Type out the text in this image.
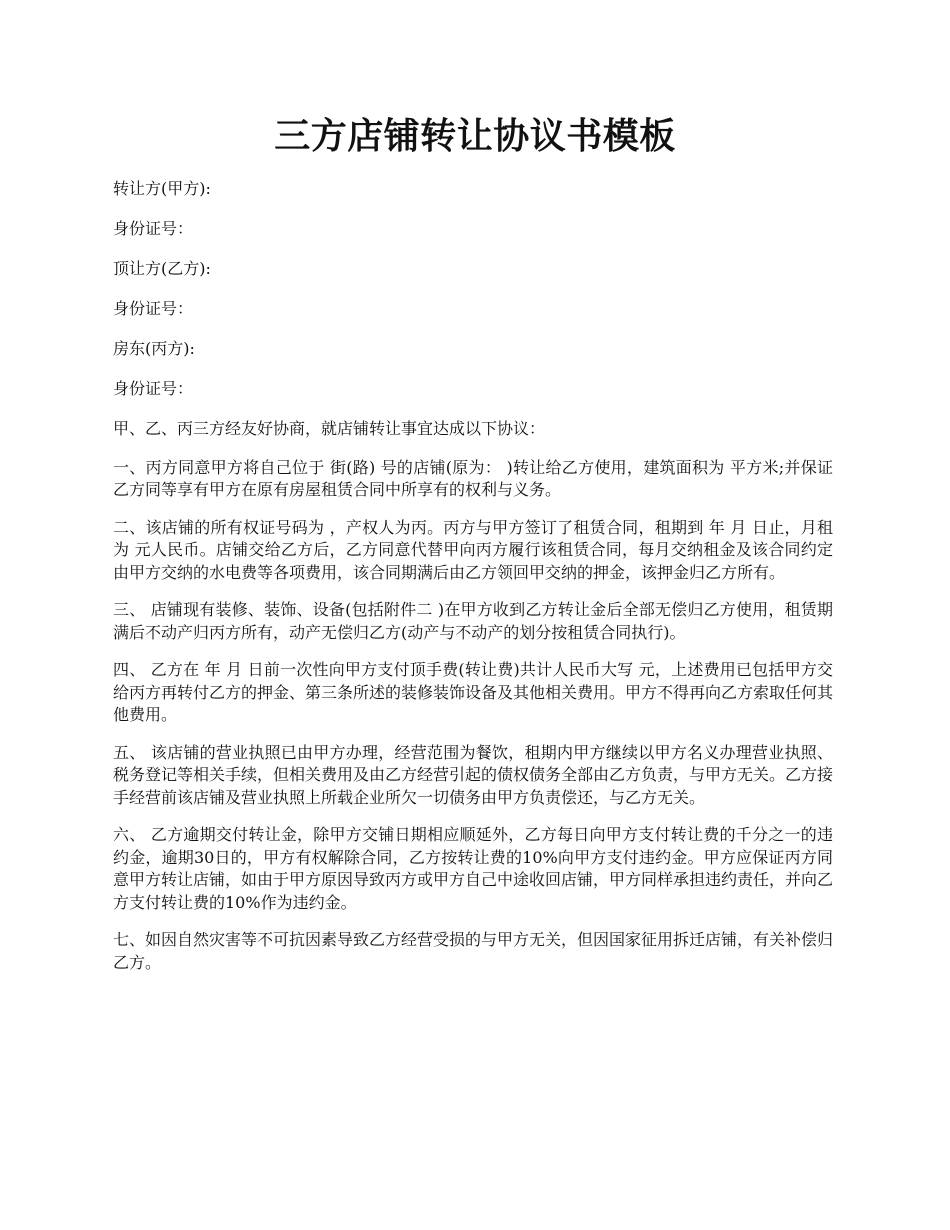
三方店铺转让协议书模板

转让方(甲方):

身份证号：

顶让方(乙方):

身份证号：

房东(丙方):

身份证号：

甲、乙、丙三方经友好协商，就店铺转让事宜达成以下协议：

一、丙方同意甲方将自己位于 街(路) 号的店铺(原为： )转让给乙方使用，建筑面积为 平方米;并保证乙方同等享有甲方在原有房屋租赁合同中所享有的权利与义务。

二、该店铺的所有权证号码为 ，产权人为丙。丙方与甲方签订了租赁合同，租期到 年 月 日止，月租为 元人民币。店铺交给乙方后，乙方同意代替甲向丙方履行该租赁合同，每月交纳租金及该合同约定由甲方交纳的水电费等各项费用，该合同期满后由乙方领回甲交纳的押金，该押金归乙方所有。

三、 店铺现有装修、装饰、设备(包括附件二 )在甲方收到乙方转让金后全部无偿归乙方使用，租赁期满后不动产归丙方所有，动产无偿归乙方(动产与不动产的划分按租赁合同执行)。

四、 乙方在 年 月 日前一次性向甲方支付顶手费(转让费)共计人民币大写 元，上述费用已包括甲方交给丙方再转付乙方的押金、第三条所述的装修装饰设备及其他相关费用。甲方不得再向乙方索取任何其他费用。

五、 该店铺的营业执照已由甲方办理，经营范围为餐饮，租期内甲方继续以甲方名义办理营业执照、税务登记等相关手续，但相关费用及由乙方经营引起的债权债务全部由乙方负责，与甲方无关。乙方接手经营前该店铺及营业执照上所载企业所欠一切债务由甲方负责偿还，与乙方无关。

六、 乙方逾期交付转让金，除甲方交铺日期相应顺延外，乙方每日向甲方支付转让费的千分之一的违约金，逾期30日的，甲方有权解除合同，乙方按转让费的10%向甲方支付违约金。甲方应保证丙方同意甲方转让店铺，如由于甲方原因导致丙方或甲方自己中途收回店铺，甲方同样承担违约责任，并向乙方支付转让费的10%作为违约金。

七、如因自然灾害等不可抗因素导致乙方经营受损的与甲方无关，但因国家征用拆迁店铺，有关补偿归乙方。
